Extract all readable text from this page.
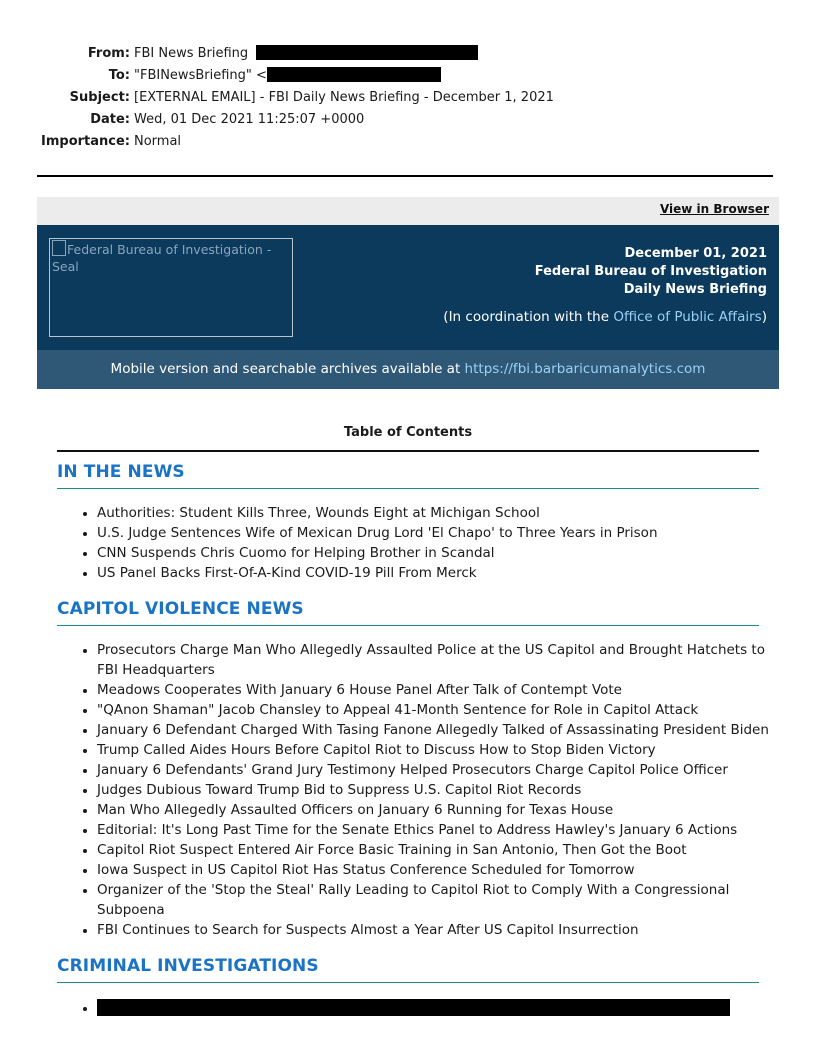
From: FBI News Briefing
To: "FBINewsBriefing" <
Subject: [EXTERNAL EMAIL] - FBI Daily News Briefing - December 1, 2021
Date: Wed, 01 Dec 2021 11:25:07 +0000
Importance: Normal
View in Browser
Federal Bureau of Investigation - Seal
December 01, 2021
Federal Bureau of Investigation
Daily News Briefing
(In coordination with the Office of Public Affairs)
Mobile version and searchable archives available at https://fbi.barbaricumanalytics.com
Table of Contents
IN THE NEWS
• Authorities: Student Kills Three, Wounds Eight at Michigan School
• U.S. Judge Sentences Wife of Mexican Drug Lord 'El Chapo' to Three Years in Prison
• CNN Suspends Chris Cuomo for Helping Brother in Scandal
• US Panel Backs First-Of-A-Kind COVID-19 Pill From Merck
CAPITOL VIOLENCE NEWS
• Prosecutors Charge Man Who Allegedly Assaulted Police at the US Capitol and Brought Hatchets to FBI Headquarters
• Meadows Cooperates With January 6 House Panel After Talk of Contempt Vote
• "QAnon Shaman" Jacob Chansley to Appeal 41-Month Sentence for Role in Capitol Attack
• January 6 Defendant Charged With Tasing Fanone Allegedly Talked of Assassinating President Biden
• Trump Called Aides Hours Before Capitol Riot to Discuss How to Stop Biden Victory
• January 6 Defendants' Grand Jury Testimony Helped Prosecutors Charge Capitol Police Officer
• Judges Dubious Toward Trump Bid to Suppress U.S. Capitol Riot Records
• Man Who Allegedly Assaulted Officers on January 6 Running for Texas House
• Editorial: It's Long Past Time for the Senate Ethics Panel to Address Hawley's January 6 Actions
• Capitol Riot Suspect Entered Air Force Basic Training in San Antonio, Then Got the Boot
• Iowa Suspect in US Capitol Riot Has Status Conference Scheduled for Tomorrow
• Organizer of the 'Stop the Steal' Rally Leading to Capitol Riot to Comply With a Congressional Subpoena
• FBI Continues to Search for Suspects Almost a Year After US Capitol Insurrection
CRIMINAL INVESTIGATIONS
•
